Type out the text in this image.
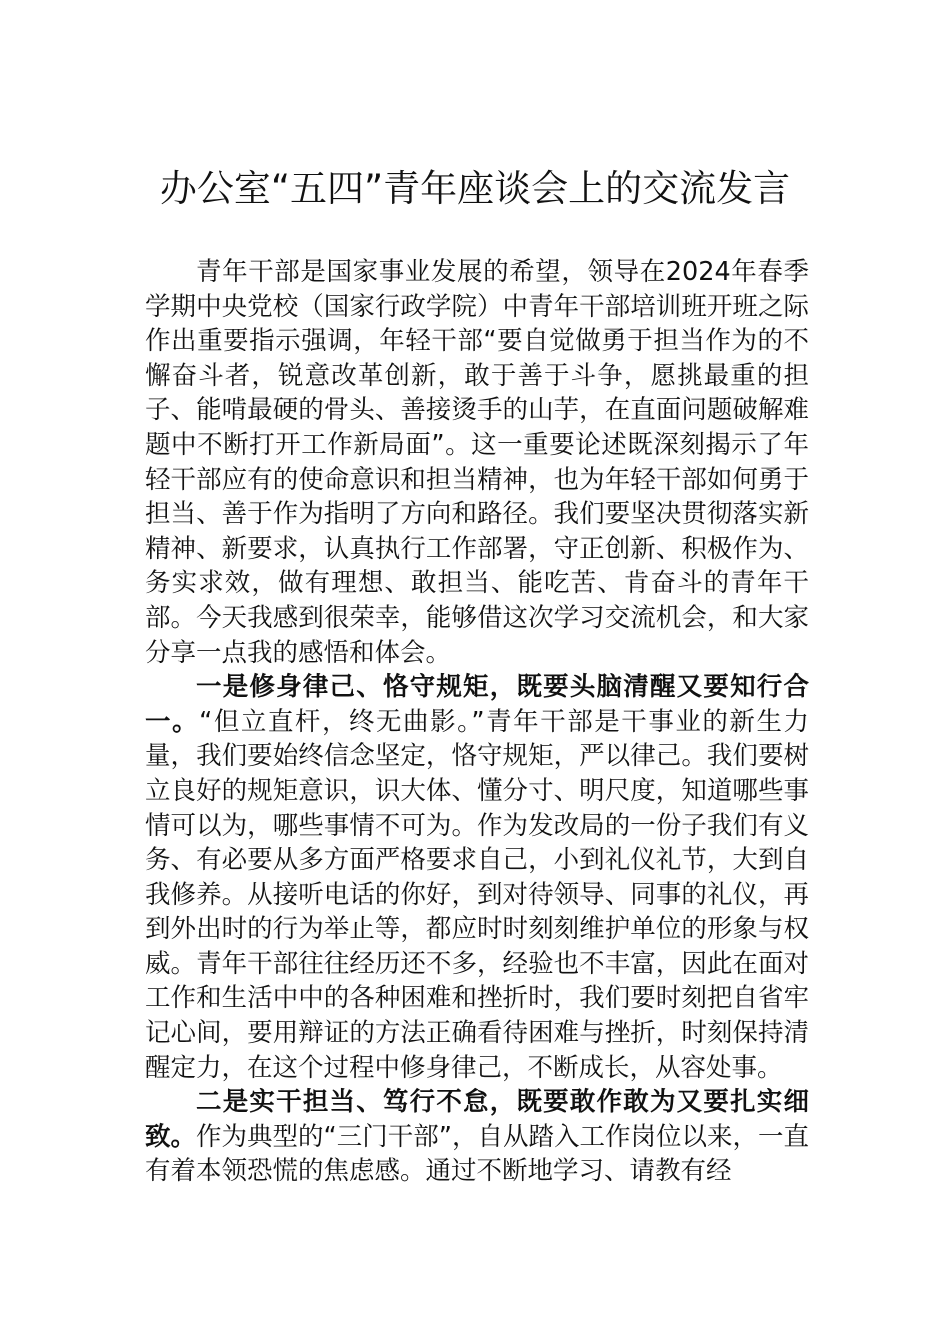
办公室“五四”青年座谈会上的交流发言

青年干部是国家事业发展的希望，领导在2024年春季学期中央党校（国家行政学院）中青年干部培训班开班之际作出重要指示强调，年轻干部“要自觉做勇于担当作为的不懈奋斗者，锐意改革创新，敢于善于斗争，愿挑最重的担子、能啃最硬的骨头、善接烫手的山芋，在直面问题破解难题中不断打开工作新局面”。这一重要论述既深刻揭示了年轻干部应有的使命意识和担当精神，也为年轻干部如何勇于担当、善于作为指明了方向和路径。我们要坚决贯彻落实新精神、新要求，认真执行工作部署，守正创新、积极作为、务实求效，做有理想、敢担当、能吃苦、肯奋斗的青年干部。今天我感到很荣幸，能够借这次学习交流机会，和大家分享一点我的感悟和体会。

一是修身律己、恪守规矩，既要头脑清醒又要知行合一。“但立直杆，终无曲影。”青年干部是干事业的新生力量，我们要始终信念坚定，恪守规矩，严以律己。我们要树立良好的规矩意识，识大体、懂分寸、明尺度，知道哪些事情可以为，哪些事情不可为。作为发改局的一份子我们有义务、有必要从多方面严格要求自己，小到礼仪礼节，大到自我修养。从接听电话的你好，到对待领导、同事的礼仪，再到外出时的行为举止等，都应时时刻刻维护单位的形象与权威。青年干部往往经历还不多，经验也不丰富，因此在面对工作和生活中中的各种困难和挫折时，我们要时刻把自省牢记心间，要用辩证的方法正确看待困难与挫折，时刻保持清醒定力，在这个过程中修身律己，不断成长，从容处事。

二是实干担当、笃行不怠，既要敢作敢为又要扎实细致。作为典型的“三门干部”，自从踏入工作岗位以来，一直有着本领恐慌的焦虑感。通过不断地学习、请教有经
